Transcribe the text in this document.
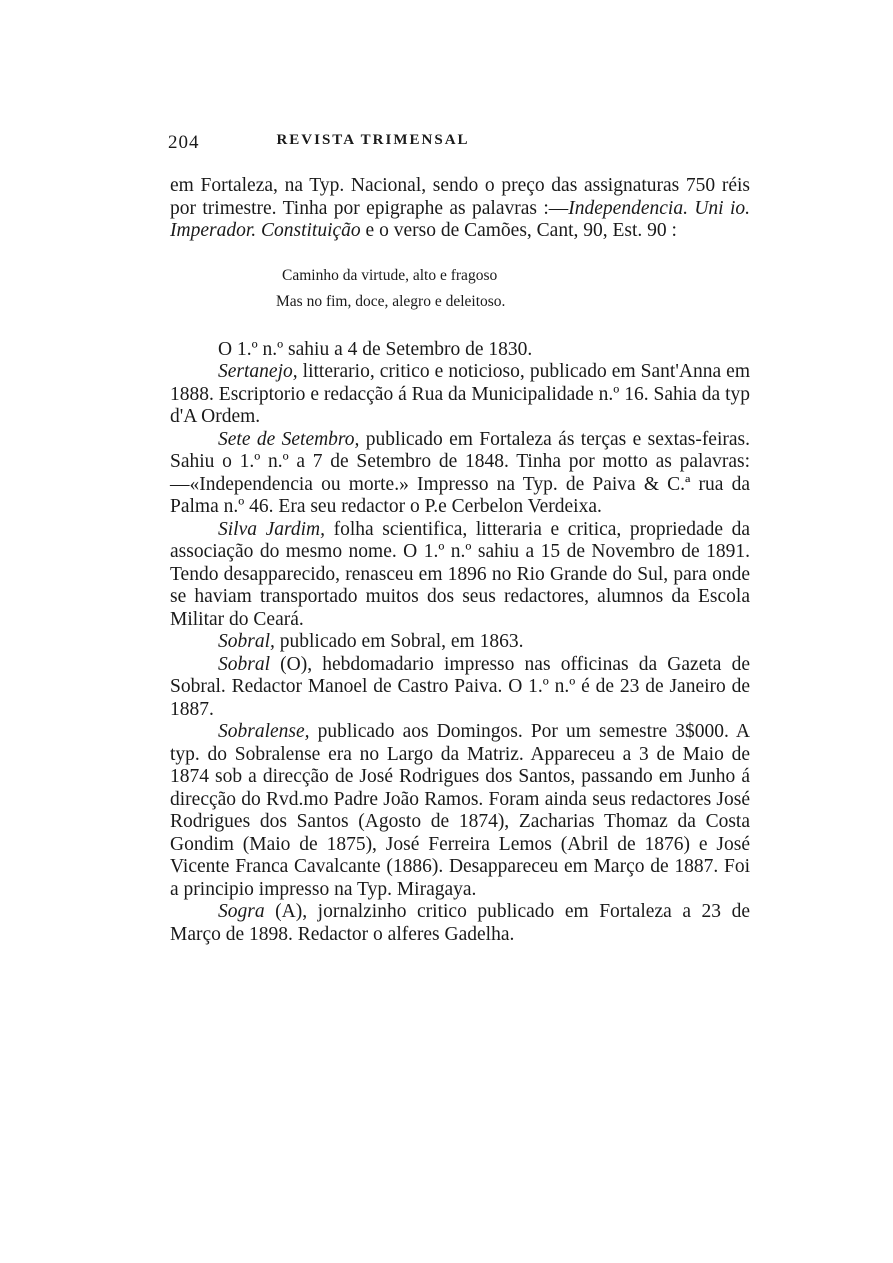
204	REVISTA TRIMENSAL

em Fortaleza, na Typ. Nacional, sendo o preço das assignaturas 750 réis por trimestre. Tinha por epigraphe as palavras :—Independencia. Uni io. Imperador. Constituição e o verso de Camões, Cant, 90, Est. 90 :

Caminho da virtude, alto e fragoso
Mas no fim, doce, alegro e deleitoso.

O 1.º n.º sahiu a 4 de Setembro de 1830.

Sertanejo, litterario, critico e noticioso, publicado em Sant'Anna em 1888. Escriptorio e redacção á Rua da Municipalidade n.º 16. Sahia da typ d'A Ordem.

Sete de Setembro, publicado em Fortaleza ás terças e sextas-feiras. Sahiu o 1.º n.º a 7 de Setembro de 1848. Tinha por motto as palavras: —«Independencia ou morte.» Impresso na Typ. de Paiva & C.ª rua da Palma n.º 46. Era seu redactor o P.e Cerbelon Verdeixa.

Silva Jardim, folha scientifica, litteraria e critica, propriedade da associação do mesmo nome. O 1.º n.º sahiu a 15 de Novembro de 1891. Tendo desapparecido, renasceu em 1896 no Rio Grande do Sul, para onde se haviam transportado muitos dos seus redactores, alumnos da Escola Militar do Ceará.

Sobral, publicado em Sobral, em 1863.

Sobral (O), hebdomadario impresso nas officinas da Gazeta de Sobral. Redactor Manoel de Castro Paiva. O 1.º n.º é de 23 de Janeiro de 1887.

Sobralense, publicado aos Domingos. Por um semestre 3$000. A typ. do Sobralense era no Largo da Matriz. Appareceu a 3 de Maio de 1874 sob a direcção de José Rodrigues dos Santos, passando em Junho á direcção do Rvd.mo Padre João Ramos. Foram ainda seus redactores José Rodrigues dos Santos (Agosto de 1874), Zacharias Thomaz da Costa Gondim (Maio de 1875), José Ferreira Lemos (Abril de 1876) e José Vicente Franca Cavalcante (1886). Desappareceu em Março de 1887. Foi a principio impresso na Typ. Miragaya.

Sogra (A), jornalzinho critico publicado em Fortaleza a 23 de Março de 1898. Redactor o alferes Gadelha.
